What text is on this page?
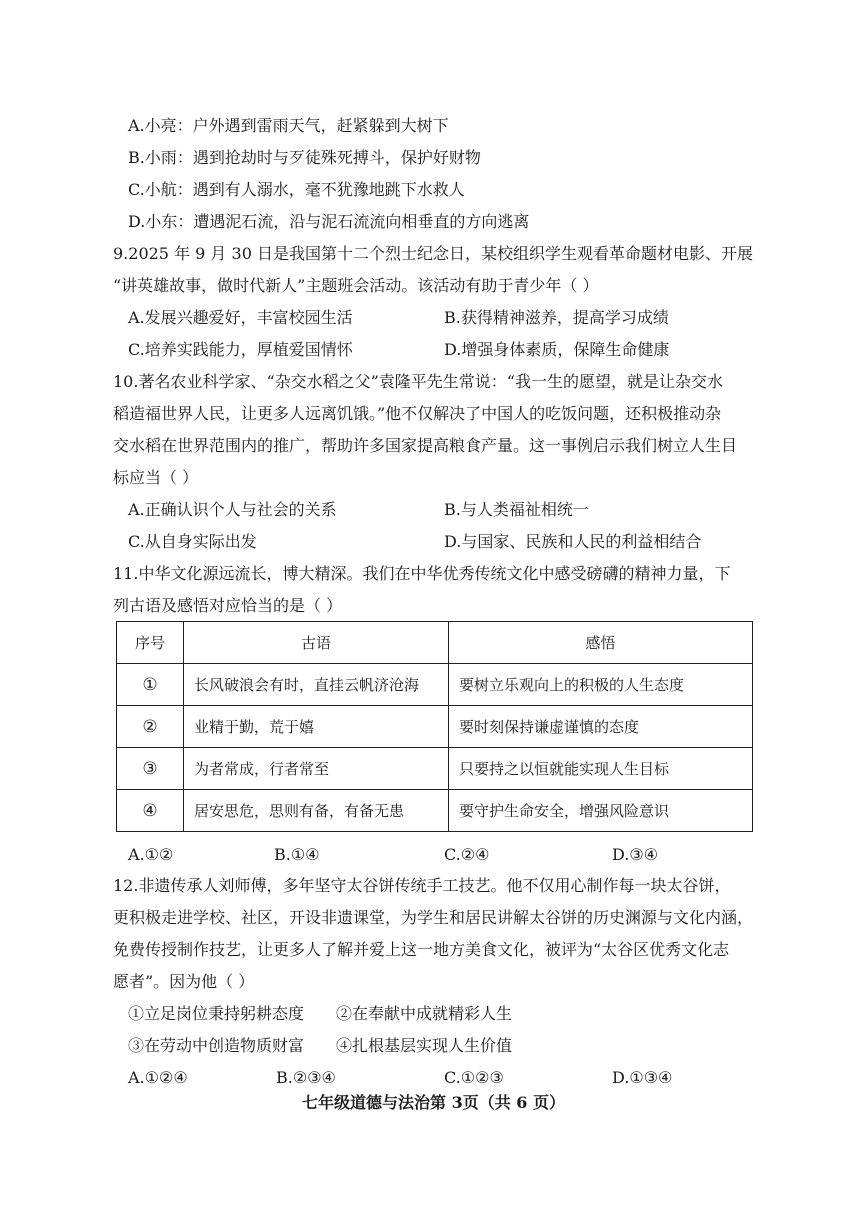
A.小亮：户外遇到雷雨天气，赶紧躲到大树下
B.小雨：遇到抢劫时与歹徒殊死搏斗，保护好财物
C.小航：遇到有人溺水，毫不犹豫地跳下水救人
D.小东：遭遇泥石流，沿与泥石流流向相垂直的方向逃离
9.2025 年 9 月 30 日是我国第十二个烈士纪念日，某校组织学生观看革命题材电影、开展
“讲英雄故事，做时代新人”主题班会活动。该活动有助于青少年（ ）
A.发展兴趣爱好，丰富校园生活	B.获得精神滋养，提高学习成绩
C.培养实践能力，厚植爱国情怀	D.增强身体素质，保障生命健康
10.著名农业科学家、“杂交水稻之父”袁隆平先生常说：“我一生的愿望，就是让杂交水
稻造福世界人民，让更多人远离饥饿。”他不仅解决了中国人的吃饭问题，还积极推动杂
交水稻在世界范围内的推广，帮助许多国家提高粮食产量。这一事例启示我们树立人生目
标应当（ ）
A.正确认识个人与社会的关系	B.与人类福祉相统一
C.从自身实际出发	D.与国家、民族和人民的利益相结合
11.中华文化源远流长，博大精深。我们在中华优秀传统文化中感受磅礴的精神力量，下
列古语及感悟对应恰当的是（ ）
序号	古语	感悟
①	长风破浪会有时，直挂云帆济沧海	要树立乐观向上的积极的人生态度
②	业精于勤，荒于嬉	要时刻保持谦虚谨慎的态度
③	为者常成，行者常至	只要持之以恒就能实现人生目标
④	居安思危，思则有备，有备无患	要守护生命安全，增强风险意识
A.①②	B.①④	C.②④	D.③④
12.非遗传承人刘师傅，多年坚守太谷饼传统手工技艺。他不仅用心制作每一块太谷饼，
更积极走进学校、社区，开设非遗课堂，为学生和居民讲解太谷饼的历史渊源与文化内涵，
免费传授制作技艺，让更多人了解并爱上这一地方美食文化，被评为“太谷区优秀文化志
愿者”。因为他（ ）
①立足岗位秉持躬耕态度 ②在奉献中成就精彩人生
③在劳动中创造物质财富 ④扎根基层实现人生价值
A.①②④	B.②③④	C.①②③	D.①③④
七年级道德与法治第 3页（共 6 页）
